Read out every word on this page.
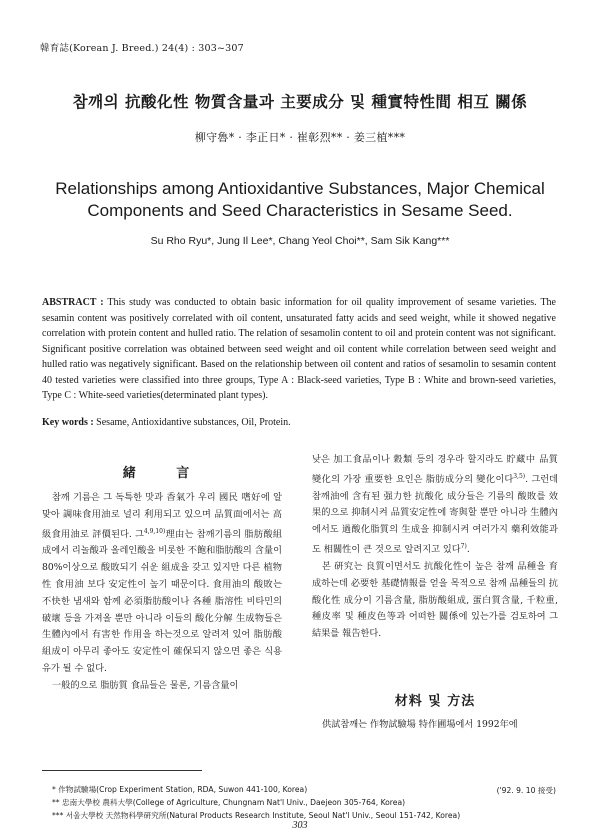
韓育誌(Korean J. Breed.) 24(4) : 303~307
참깨의 抗酸化性 物質含量과 主要成分 및 種實特性間 相互 關係
柳守魯* · 李正日* · 崔彰烈** · 姜三植***
Relationships among Antioxidantive Substances, Major Chemical
Components and Seed Characteristics in Sesame Seed.
Su Rho Ryu*, Jung Il Lee*, Chang Yeol Choi**, Sam Sik Kang***
ABSTRACT : This study was conducted to obtain basic information for oil quality improvement of sesame varieties. The sesamin content was positively correlated with oil content, unsaturated fatty acids and seed weight, while it showed negative correlation with protein content and hulled ratio. The relation of sesamolin content to oil and protein content was not significant. Significant positive correlation was obtained between seed weight and oil content while correlation between seed weight and hulled ratio was negatively significant. Based on the relationship between oil content and ratios of sesamolin to sesamin content 40 tested varieties were classified into three groups, Type A : Black-seed varieties, Type B : White and brown-seed varieties, Type C : White-seed varieties(determinated plant types).
Key words : Sesame, Antioxidantive substances, Oil, Protein.
緒 言

참깨 기름은 그 독특한 맛과 香氣가 우리 國民 嗜好에 알맞아 調味食用油로 널리 利用되고 있으며 品質面에서는 高級食用油로 評價된다. 그$^{4,9,10)}$理由는 참깨기름의 脂肪酸組成에서 리놀酸과 올레인酸을 비롯한 不飽和脂肪酸의 含量이 80%이상으로 酸敗되기 쉬운 組成을 갖고 있지만 다른 植物性 食用油 보다 安定性이 높기 때문이다. 食用油의 酸敗는 不快한 냄새와 함께 必須脂肪酸이나 各種 脂溶性 비타민의 破壞 등을 가져올 뿐만 아니라 이들의 酸化分解 生成物들은 生體內에서 有害한 作用을 하는것으로 알려져 있어 脂肪酸組成이 아무리 좋아도 安定性이 確保되지 않으면 좋은 식용유가 될 수 없다.

一般的으로 脂肪質 食品들은 물론, 기름含量이

낮은 加工食品이나 穀類 등의 경우라 할지라도 貯藏中 品質變化의 가장 重要한 요인은 脂肪成分의 變化이다$^{3,5)}$. 그런데 참깨油에 含有된 强力한 抗酸化 成分들은 기름의 酸敗를 效果的으로 抑制시켜 品質安定性에 寄與할 뿐만 아니라 生體內에서도 過酸化脂質의 生成을 抑制시켜 여러가지 藥利效能과도 相關性이 큰 것으로 알려지고 있다$^{7)}$.

본 硏究는 良質이면서도 抗酸化性이 높은 참깨 品種을 育成하는데 必要한 基礎情報를 얻을 목적으로 참깨 品種들의 抗酸化性 成分이 기름含量, 脂肪酸組成, 蛋白質含量, 千粒重, 種皮率 및 種皮色等과 어떠한 關係에 있는가를 검토하여 그 結果를 報告한다.

材料 및 方法

供試참깨는 作物試驗場 特作圃場에서 1992年에

* 作物試驗場(Crop Experiment Station, RDA, Suwon 441-100, Korea)	('92. 9. 10 接受)
** 忠南大學校 農科大學(College of Agriculture, Chungnam Nat'l Univ., Daejeon 305-764, Korea)
*** 서울大學校 天然物科學硏究所(Natural Products Research Institute, Seoul Nat'l Univ., Seoul 151-742, Korea)
303
